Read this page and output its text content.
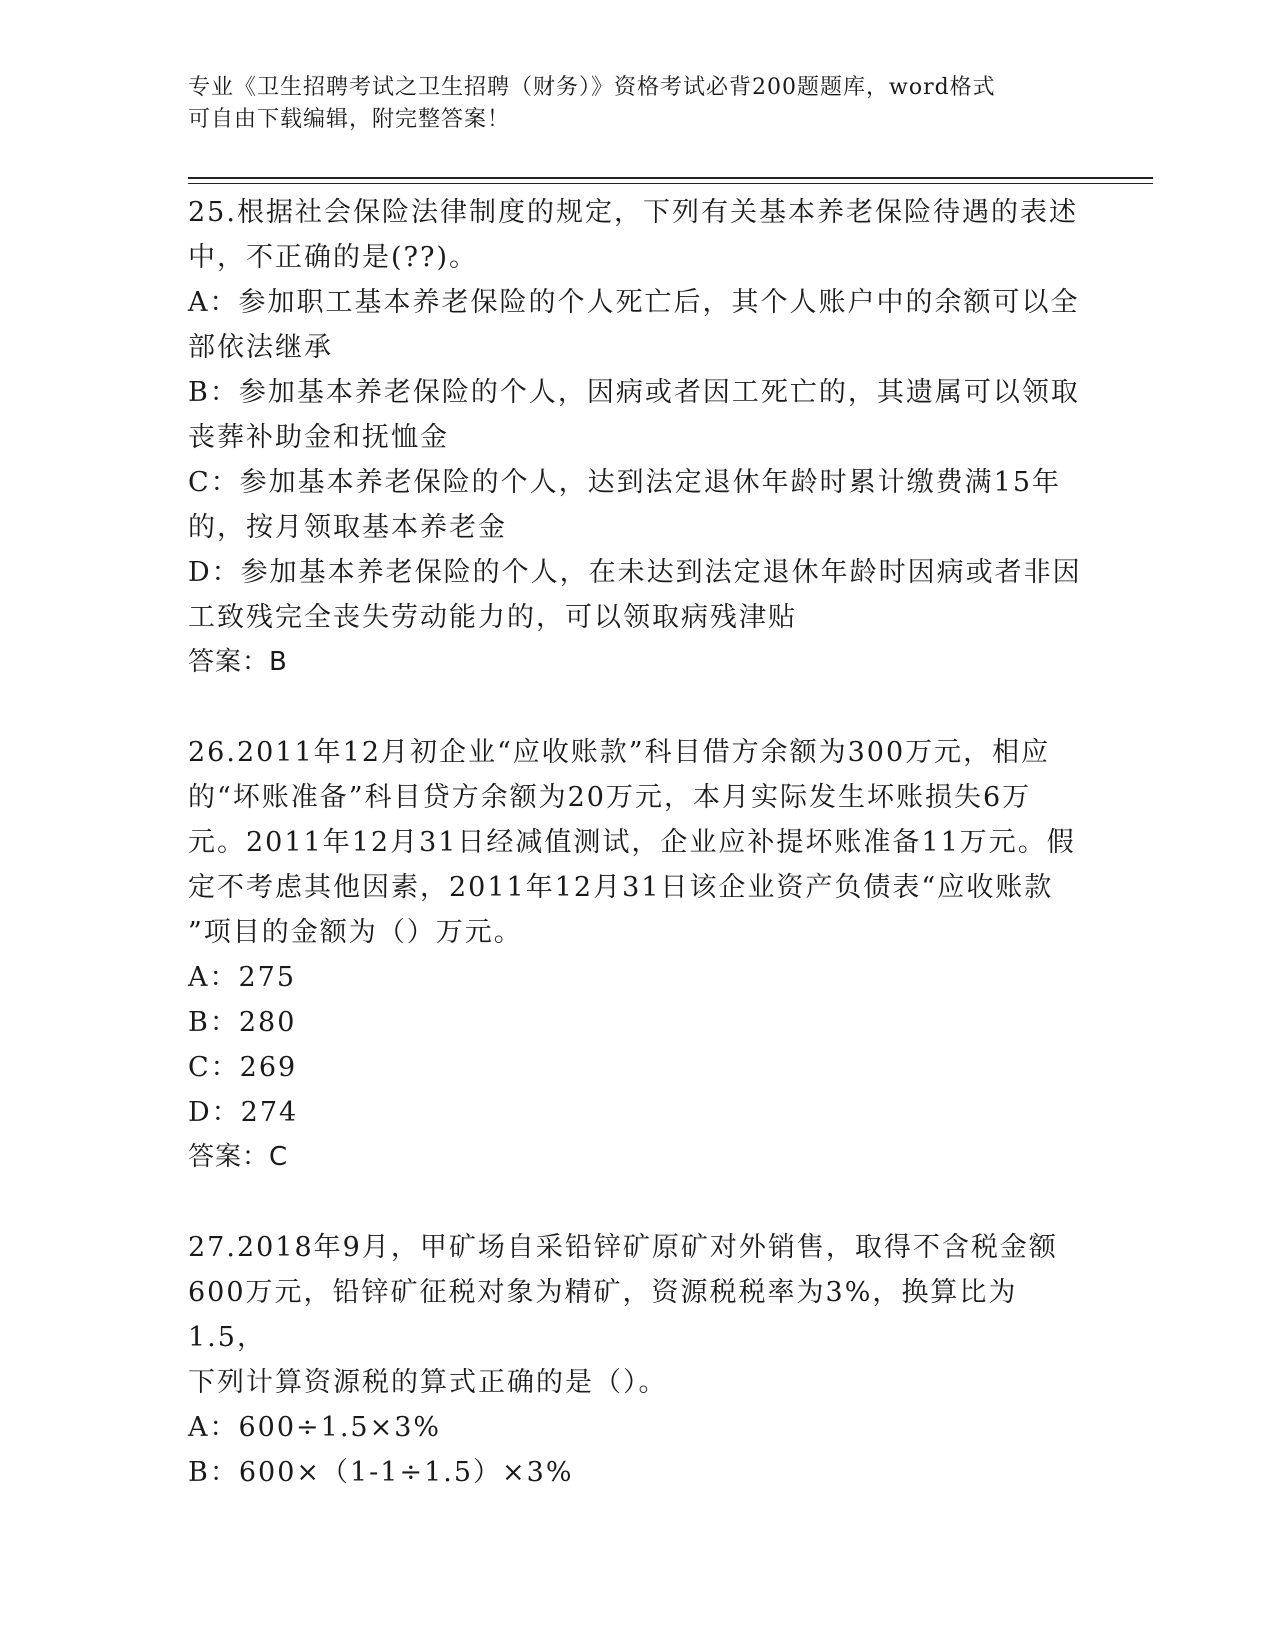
专业《卫生招聘考试之卫生招聘（财务）》资格考试必背200题题库，word格式
可自由下载编辑，附完整答案！

25.根据社会保险法律制度的规定，下列有关基本养老保险待遇的表述
中，不正确的是(??)。

A：参加职工基本养老保险的个人死亡后，其个人账户中的余额可以全
部依法继承

B：参加基本养老保险的个人，因病或者因工死亡的，其遗属可以领取
丧葬补助金和抚恤金

C：参加基本养老保险的个人，达到法定退休年龄时累计缴费满15年
的，按月领取基本养老金

D：参加基本养老保险的个人，在未达到法定退休年龄时因病或者非因
工致残完全丧失劳动能力的，可以领取病残津贴

答案：B

26.2011年12月初企业“应收账款”科目借方余额为300万元，相应
的“坏账准备”科目贷方余额为20万元，本月实际发生坏账损失6万
元。2011年12月31日经减值测试，企业应补提坏账准备11万元。假
定不考虑其他因素，2011年12月31日该企业资产负债表“应收账款
”项目的金额为（）万元。

A：275

B：280

C：269

D：274

答案：C

27.2018年9月，甲矿场自采铅锌矿原矿对外销售，取得不含税金额
600万元，铅锌矿征税对象为精矿，资源税税率为3%，换算比为1.5，
下列计算资源税的算式正确的是（）。

A：600÷1.5×3%

B：600×（1-1÷1.5）×3%
